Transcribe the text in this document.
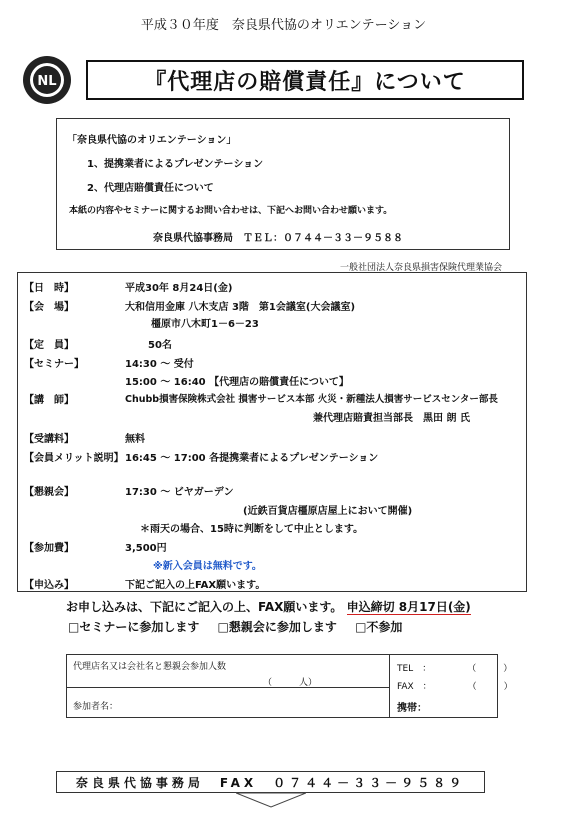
平成３０年度　奈良県代協のオリエンテーション
NL	『代理店の賠償責任』について
「奈良県代協のオリエンテーション」
1、提携業者によるプレゼンテーション
2、代理店賠償責任について
本紙の内容やセミナーに関するお問い合わせは、下記へお問い合わせ願います。
奈良県代協事務局　ＴＥＬ：０７４４－３３－９５８８
一般社団法人奈良県損害保険代理業協会
【日　時】	平成30年 8月24日(金)
【会　場】	大和信用金庫 八木支店 3階　第1会議室(大会議室)
橿原市八木町1－6－23
【定　員】	50名
【セミナー】	14:30 ～ 受付
15:00 ～ 16:40 【代理店の賠償責任について】
【講　師】	Chubb損害保険株式会社 損害サービス本部 火災・新種法人損害サービスセンター部長
兼代理店賠責担当部長　黒田 朗 氏
【受講料】	無料
【会員メリット説明】 16:45 ～ 17:00 各提携業者によるプレゼンテーション
【懇親会】	17:30 ～ ビヤガーデン
(近鉄百貨店橿原店屋上において開催)
＊雨天の場合、15時に判断をして中止とします。
【参加費】	3,500円
※新入会員は無料です。
【申込み】	下記ご記入の上FAX願います。
お申し込みは、下記にご記入の上、FAX願います。 申込締切 8月17日(金)
□セミナーに参加します □懇親会に参加します □不参加
代理店名又は会社名と懇親会参加人数
（　　　人）
参加者名：
TEL　：　　　　　（　　　）
FAX　：　　　　　（　　　）
携帯：
奈良県代協事務局　FAX　０７４４－３３－９５８９
